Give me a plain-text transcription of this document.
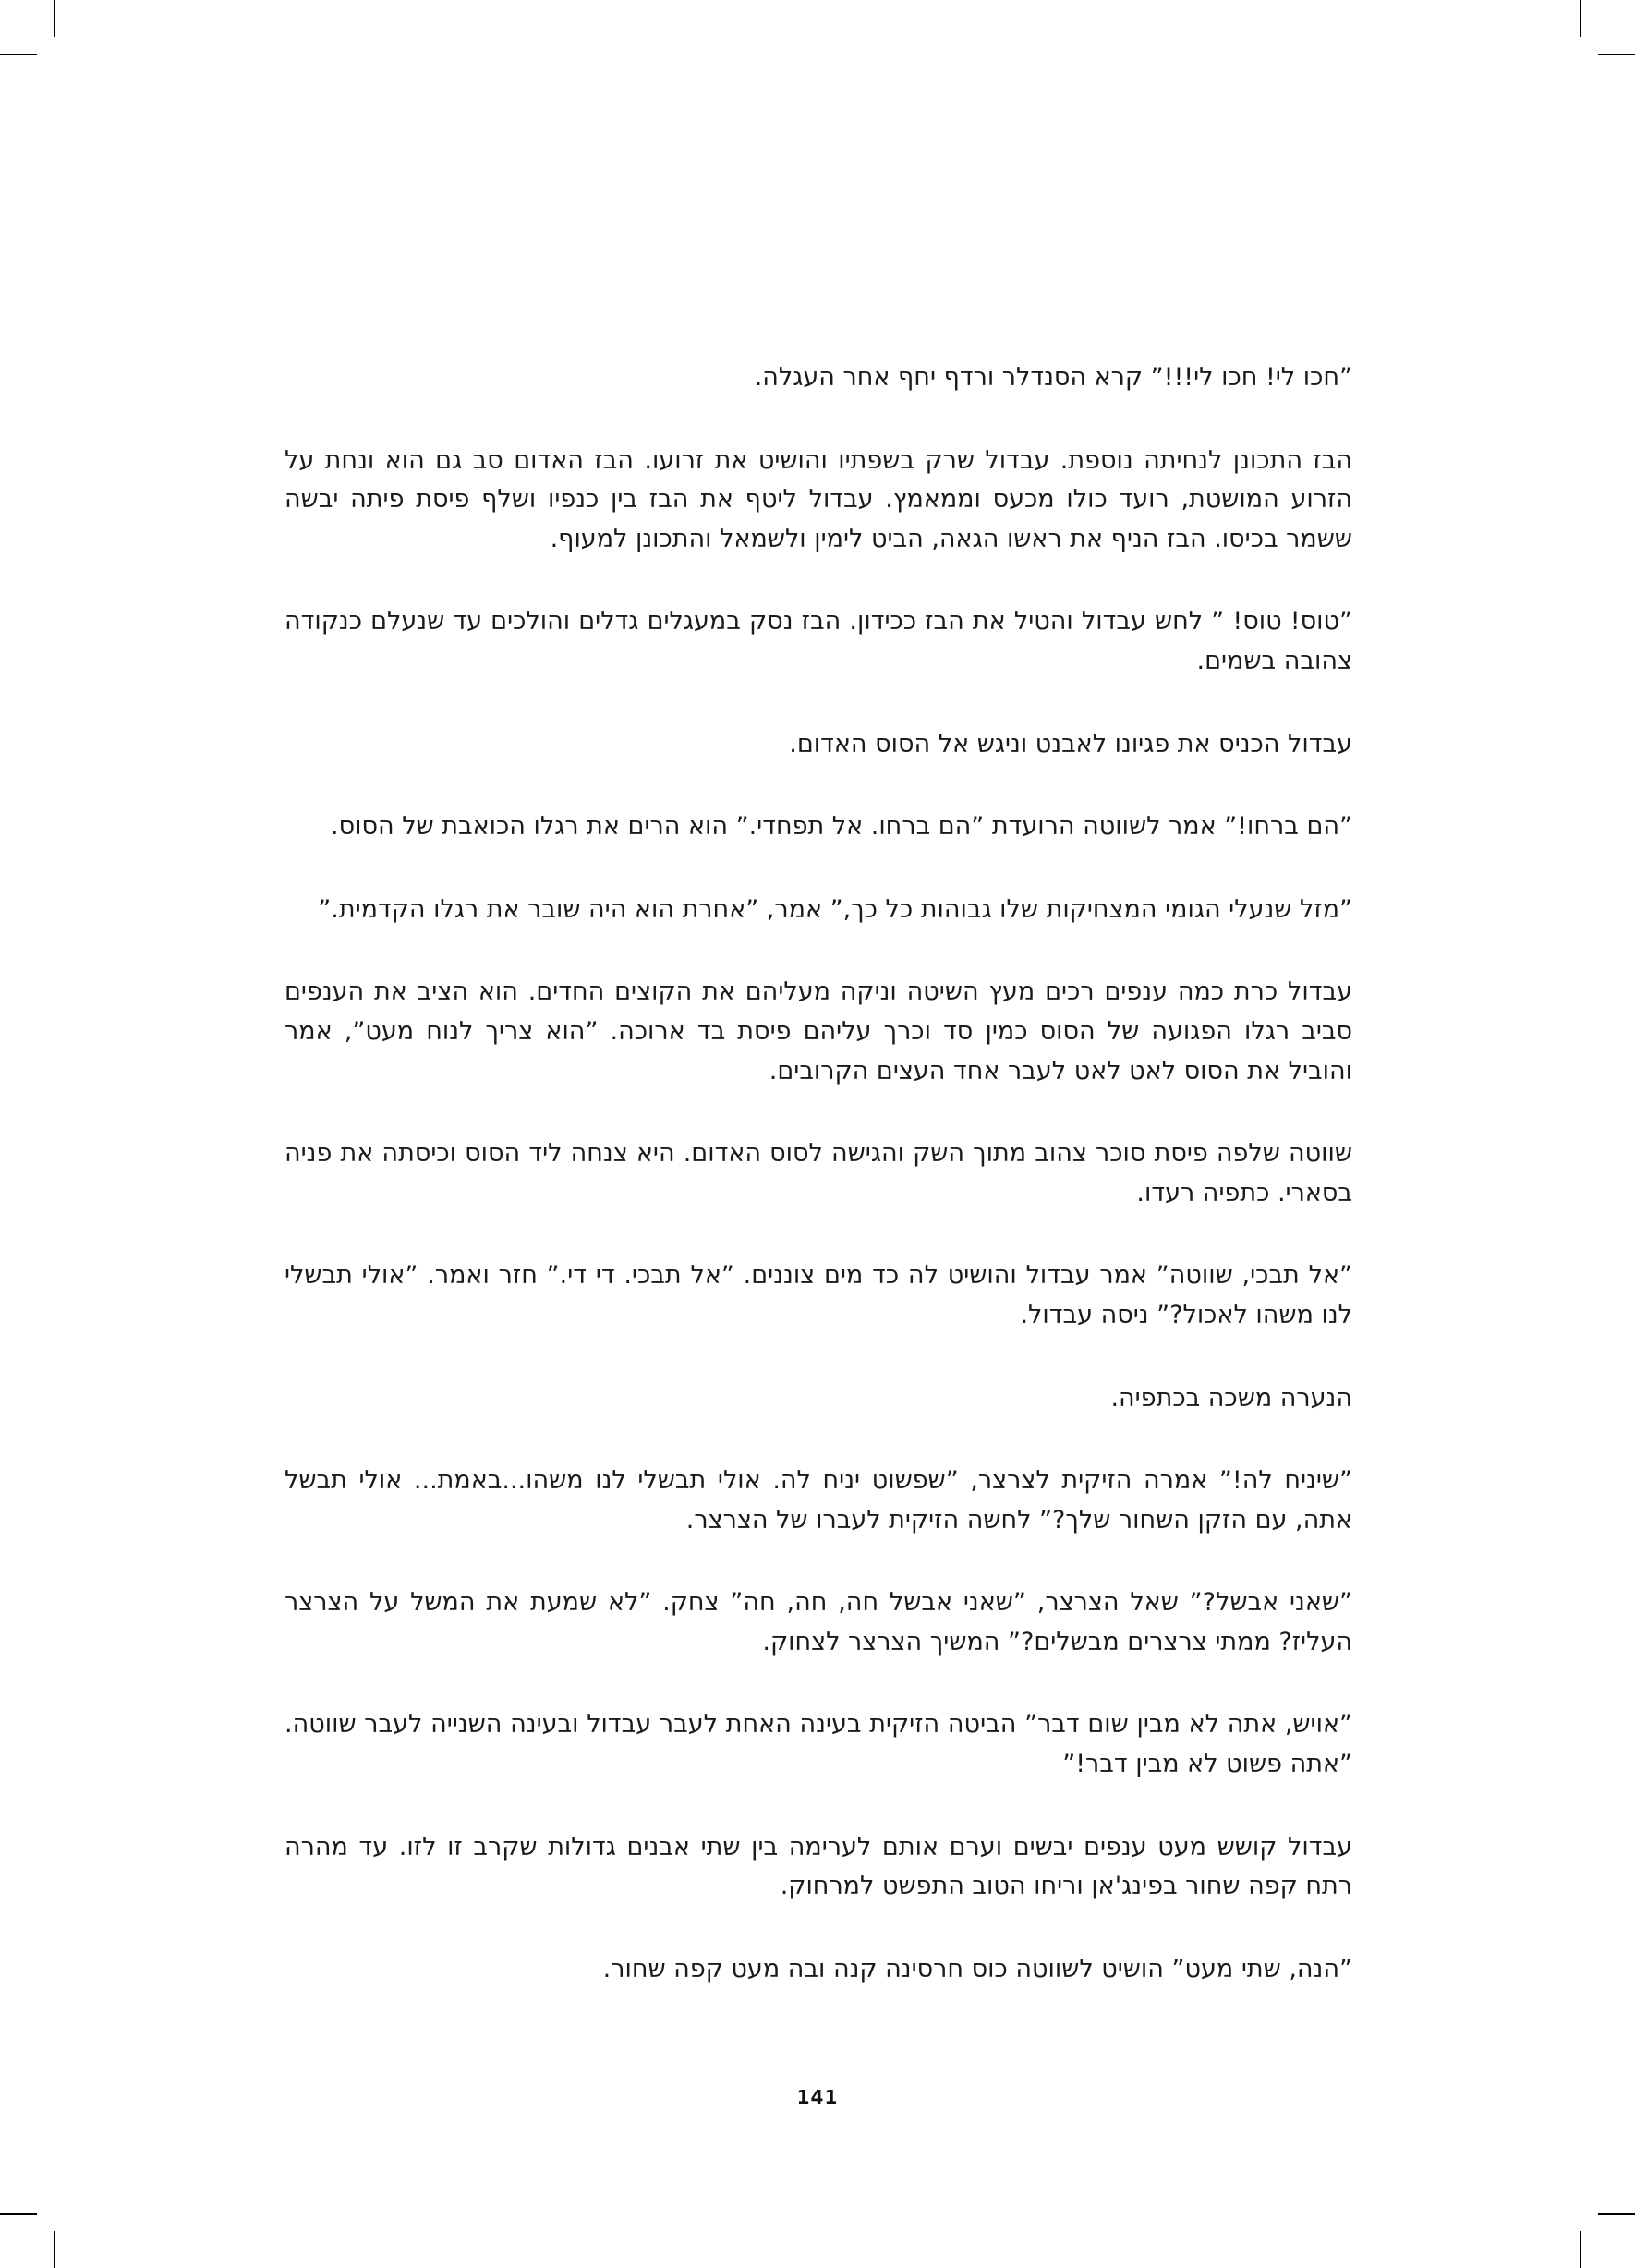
”חכו לי! חכו לי!!!” קרא הסנדלר ורדף יחף אחר העגלה.

הבז התכונן לנחיתה נוספת. עבדול שרק בשפתיו והושיט את זרועו. הבז האדום סב גם הוא ונחת על הזרוע המושטת, רועד כולו מכעס וממאמץ. עבדול ליטף את הבז בין כנפיו ושלף פיסת פיתה יבשה ששמר בכיסו. הבז הניף את ראשו הגאה, הביט לימין ולשמאל והתכונן למעוף.

”טוס! טוס! ” לחש עבדול והטיל את הבז ככידון. הבז נסק במעגלים גדלים והולכים עד שנעלם כנקודה צהובה בשמים.

עבדול הכניס את פגיונו לאבנט וניגש אל הסוס האדום.

”הם ברחו!” אמר לשווטה הרועדת ”הם ברחו. אל תפחדי.” הוא הרים את רגלו הכואבת של הסוס.

”מזל שנעלי הגומי המצחיקות שלו גבוהות כל כך,” אמר, ”אחרת הוא היה שובר את רגלו הקדמית.”

עבדול כרת כמה ענפים רכים מעץ השיטה וניקה מעליהם את הקוצים החדים. הוא הציב את הענפים סביב רגלו הפגועה של הסוס כמין סד וכרך עליהם פיסת בד ארוכה. ”הוא צריך לנוח מעט”, אמר והוביל את הסוס לאט לאט לעבר אחד העצים הקרובים.

שווטה שלפה פיסת סוכר צהוב מתוך השק והגישה לסוס האדום. היא צנחה ליד הסוס וכיסתה את פניה בסארי. כתפיה רעדו.

”אל תבכי, שווטה” אמר עבדול והושיט לה כד מים צוננים. ”אל תבכי. די די.” חזר ואמר. ”אולי תבשלי לנו משהו לאכול?” ניסה עבדול.

הנערה משכה בכתפיה.

”שיניח לה!” אמרה הזיקית לצרצר, ”שפשוט יניח לה. אולי תבשלי לנו משהו...באמת... אולי תבשל אתה, עם הזקן השחור שלך?” לחשה הזיקית לעברו של הצרצר.

”שאני אבשל?” שאל הצרצר, ”שאני אבשל חה, חה, חה” צחק. ”לא שמעת את המשל על הצרצר העליז? ממתי צרצרים מבשלים?” המשיך הצרצר לצחוק.

”אויש, אתה לא מבין שום דבר” הביטה הזיקית בעינה האחת לעבר עבדול ובעינה השנייה לעבר שווטה. ”אתה פשוט לא מבין דבר!”

עבדול קושש מעט ענפים יבשים וערם אותם לערימה בין שתי אבנים גדולות שקרב זו לזו. עד מהרה רתח קפה שחור בפינג'אן וריחו הטוב התפשט למרחוק.

”הנה, שתי מעט” הושיט לשווטה כוס חרסינה קנה ובה מעט קפה שחור.

141
